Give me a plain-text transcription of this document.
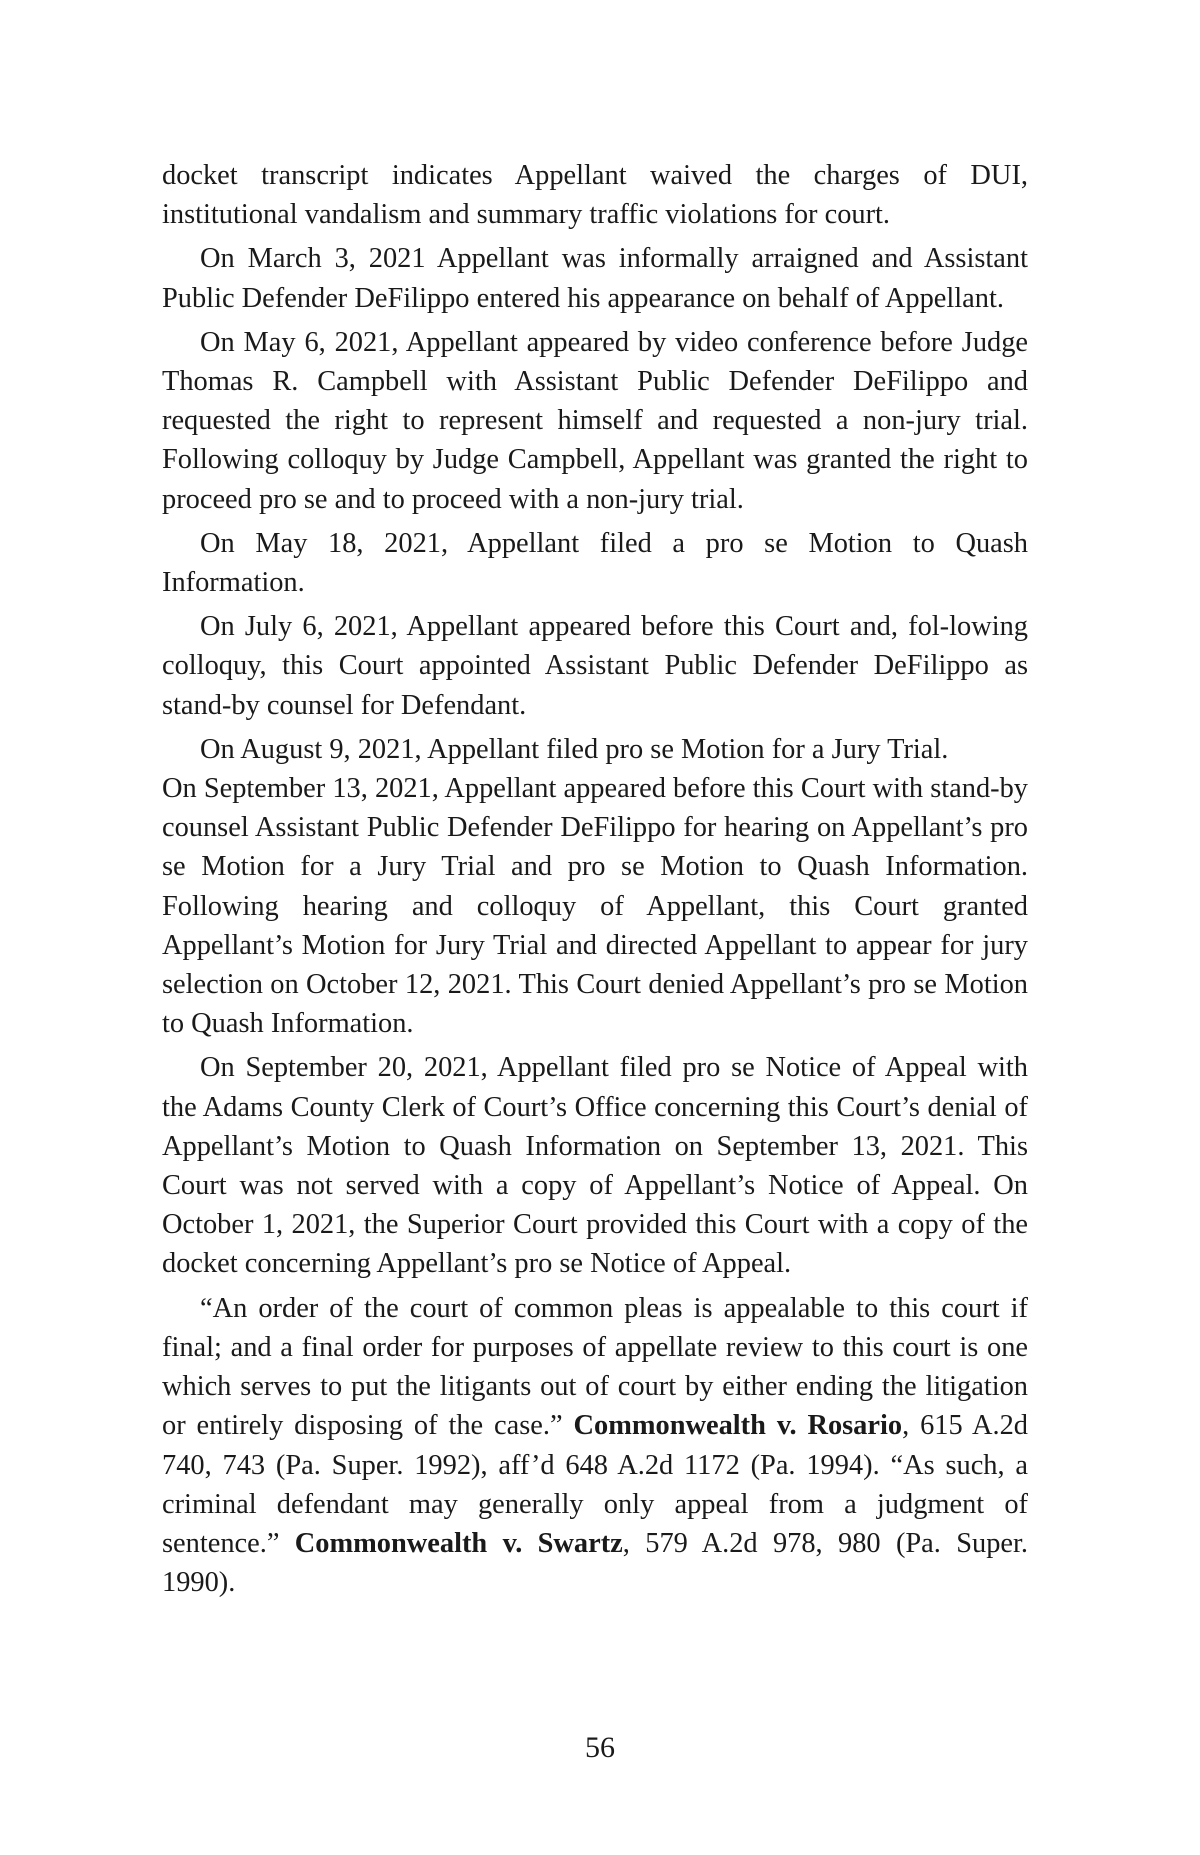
docket transcript indicates Appellant waived the charges of DUI, institutional vandalism and summary traffic violations for court.

On March 3, 2021 Appellant was informally arraigned and Assistant Public Defender DeFilippo entered his appearance on behalf of Appellant.

On May 6, 2021, Appellant appeared by video conference before Judge Thomas R. Campbell with Assistant Public Defender DeFilippo and requested the right to represent himself and requested a non-jury trial. Following colloquy by Judge Campbell, Appellant was granted the right to proceed pro se and to proceed with a non-jury trial.

On May 18, 2021, Appellant filed a pro se Motion to Quash Information.

On July 6, 2021, Appellant appeared before this Court and, fol-lowing colloquy, this Court appointed Assistant Public Defender DeFilippo as stand-by counsel for Defendant.

On August 9, 2021, Appellant filed pro se Motion for a Jury Trial.

On September 13, 2021, Appellant appeared before this Court with stand-by counsel Assistant Public Defender DeFilippo for hearing on Appellant’s pro se Motion for a Jury Trial and pro se Motion to Quash Information. Following hearing and colloquy of Appellant, this Court granted Appellant’s Motion for Jury Trial and directed Appellant to appear for jury selection on October 12, 2021. This Court denied Appellant’s pro se Motion to Quash Information.

On September 20, 2021, Appellant filed pro se Notice of Appeal with the Adams County Clerk of Court’s Office concerning this Court’s denial of Appellant’s Motion to Quash Information on September 13, 2021. This Court was not served with a copy of Appellant’s Notice of Appeal. On October 1, 2021, the Superior Court provided this Court with a copy of the docket concerning Appellant’s pro se Notice of Appeal.

“An order of the court of common pleas is appealable to this court if final; and a final order for purposes of appellate review to this court is one which serves to put the litigants out of court by either ending the litigation or entirely disposing of the case.” Commonwealth v. Rosario, 615 A.2d 740, 743 (Pa. Super. 1992), aff’d 648 A.2d 1172 (Pa. 1994). “As such, a criminal defendant may generally only appeal from a judgment of sentence.” Commonwealth v. Swartz, 579 A.2d 978, 980 (Pa. Super. 1990).

56
